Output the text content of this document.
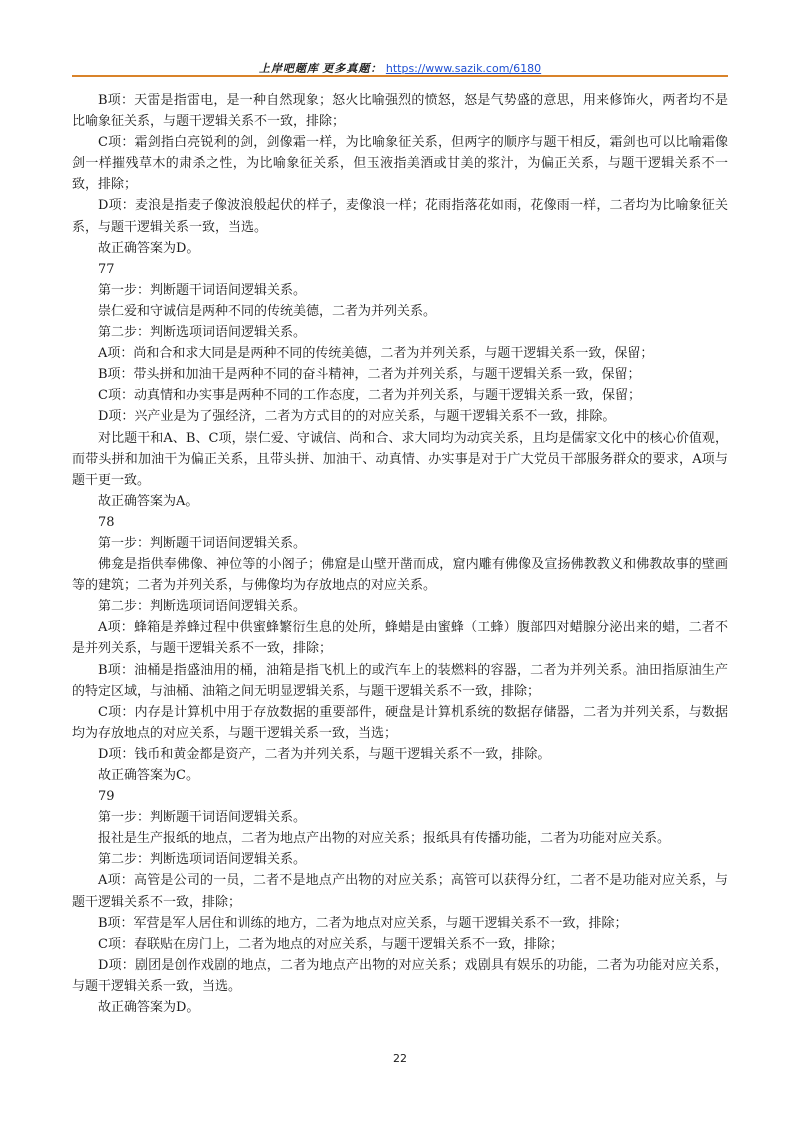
上岸吧题库 更多真题： https://www.sazik.com/6180

B项：天雷是指雷电，是一种自然现象；怒火比喻强烈的愤怒，怒是气势盛的意思，用来修饰火，两者均不是比喻象征关系，与题干逻辑关系不一致，排除；

C项：霜剑指白亮锐利的剑，剑像霜一样，为比喻象征关系，但两字的顺序与题干相反，霜剑也可以比喻霜像剑一样摧残草木的肃杀之性，为比喻象征关系，但玉液指美酒或甘美的浆汁，为偏正关系，与题干逻辑关系不一致，排除；

D项：麦浪是指麦子像波浪般起伏的样子，麦像浪一样；花雨指落花如雨，花像雨一样，二者均为比喻象征关系，与题干逻辑关系一致，当选。

故正确答案为D。

77

第一步：判断题干词语间逻辑关系。

崇仁爱和守诚信是两种不同的传统美德，二者为并列关系。

第二步：判断选项词语间逻辑关系。

A项：尚和合和求大同是是两种不同的传统美德，二者为并列关系，与题干逻辑关系一致，保留；

B项：带头拼和加油干是两种不同的奋斗精神，二者为并列关系，与题干逻辑关系一致，保留；

C项：动真情和办实事是两种不同的工作态度，二者为并列关系，与题干逻辑关系一致，保留；

D项：兴产业是为了强经济，二者为方式目的的对应关系，与题干逻辑关系不一致，排除。

对比题干和A、B、C项，崇仁爱、守诚信、尚和合、求大同均为动宾关系，且均是儒家文化中的核心价值观，而带头拼和加油干为偏正关系，且带头拼、加油干、动真情、办实事是对于广大党员干部服务群众的要求，A项与题干更一致。

故正确答案为A。

78

第一步：判断题干词语间逻辑关系。

佛龛是指供奉佛像、神位等的小阁子；佛窟是山壁开凿而成，窟内雕有佛像及宣扬佛教教义和佛教故事的壁画等的建筑；二者为并列关系，与佛像均为存放地点的对应关系。

第二步：判断选项词语间逻辑关系。

A项：蜂箱是养蜂过程中供蜜蜂繁衍生息的处所，蜂蜡是由蜜蜂（工蜂）腹部四对蜡腺分泌出来的蜡，二者不是并列关系，与题干逻辑关系不一致，排除；

B项：油桶是指盛油用的桶，油箱是指飞机上的或汽车上的装燃料的容器，二者为并列关系。油田指原油生产的特定区域，与油桶、油箱之间无明显逻辑关系，与题干逻辑关系不一致，排除；

C项：内存是计算机中用于存放数据的重要部件，硬盘是计算机系统的数据存储器，二者为并列关系，与数据均为存放地点的对应关系，与题干逻辑关系一致，当选；

D项：钱币和黄金都是资产，二者为并列关系，与题干逻辑关系不一致，排除。

故正确答案为C。

79

第一步：判断题干词语间逻辑关系。

报社是生产报纸的地点，二者为地点产出物的对应关系；报纸具有传播功能，二者为功能对应关系。

第二步：判断选项词语间逻辑关系。

A项：高管是公司的一员，二者不是地点产出物的对应关系；高管可以获得分红，二者不是功能对应关系，与题干逻辑关系不一致，排除；

B项：军营是军人居住和训练的地方，二者为地点对应关系，与题干逻辑关系不一致，排除；

C项：春联贴在房门上，二者为地点的对应关系，与题干逻辑关系不一致，排除；

D项：剧团是创作戏剧的地点，二者为地点产出物的对应关系；戏剧具有娱乐的功能，二者为功能对应关系，与题干逻辑关系一致，当选。

故正确答案为D。

22
